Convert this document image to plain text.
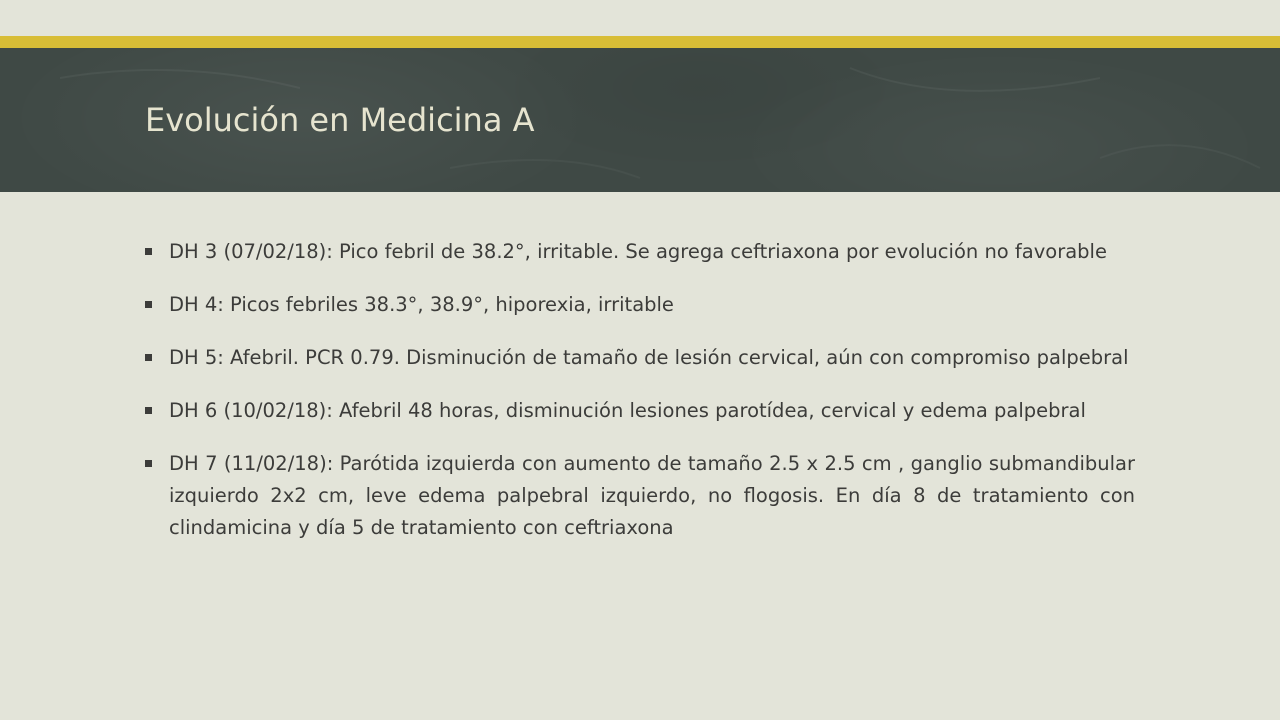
Evolución en Medicina A
DH 3 (07/02/18): Pico febril de 38.2°, irritable. Se agrega ceftriaxona por evolución no favorable
DH 4: Picos febriles 38.3°, 38.9°, hiporexia, irritable
DH 5: Afebril. PCR 0.79. Disminución de tamaño de lesión cervical, aún con compromiso palpebral
DH 6 (10/02/18): Afebril 48 horas, disminución lesiones parotídea, cervical y edema palpebral
DH 7 (11/02/18): Parótida izquierda con aumento de tamaño 2.5 x 2.5 cm , ganglio submandibular izquierdo 2x2 cm, leve edema palpebral izquierdo, no flogosis. En día 8 de tratamiento con clindamicina y día 5 de tratamiento con ceftriaxona
